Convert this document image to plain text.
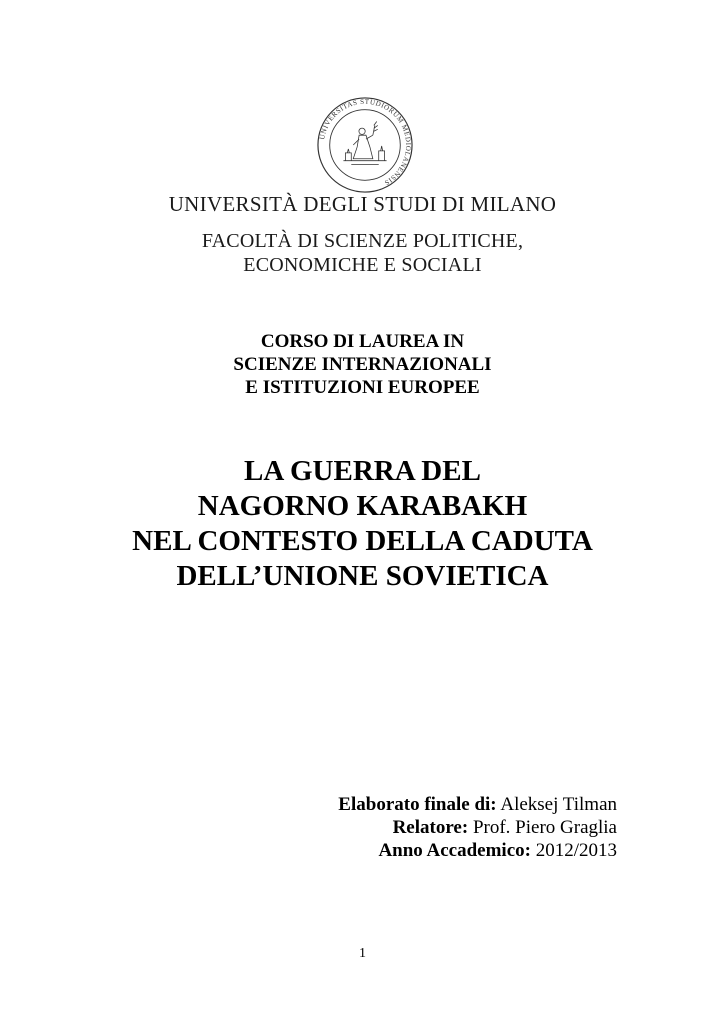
UNIVERSITAS STUDIORUM MEDIOLANENSIS
UNIVERSITÀ DEGLI STUDI DI MILANO
FACOLTÀ DI SCIENZE POLITICHE,
ECONOMICHE E SOCIALI
CORSO DI LAUREA IN
SCIENZE INTERNAZIONALI
E ISTITUZIONI EUROPEE
LA GUERRA DEL
NAGORNO KARABAKH
NEL CONTESTO DELLA CADUTA
DELL’UNIONE SOVIETICA
Elaborato finale di: Aleksej Tilman
Relatore: Prof. Piero Graglia
Anno Accademico: 2012/2013
1
